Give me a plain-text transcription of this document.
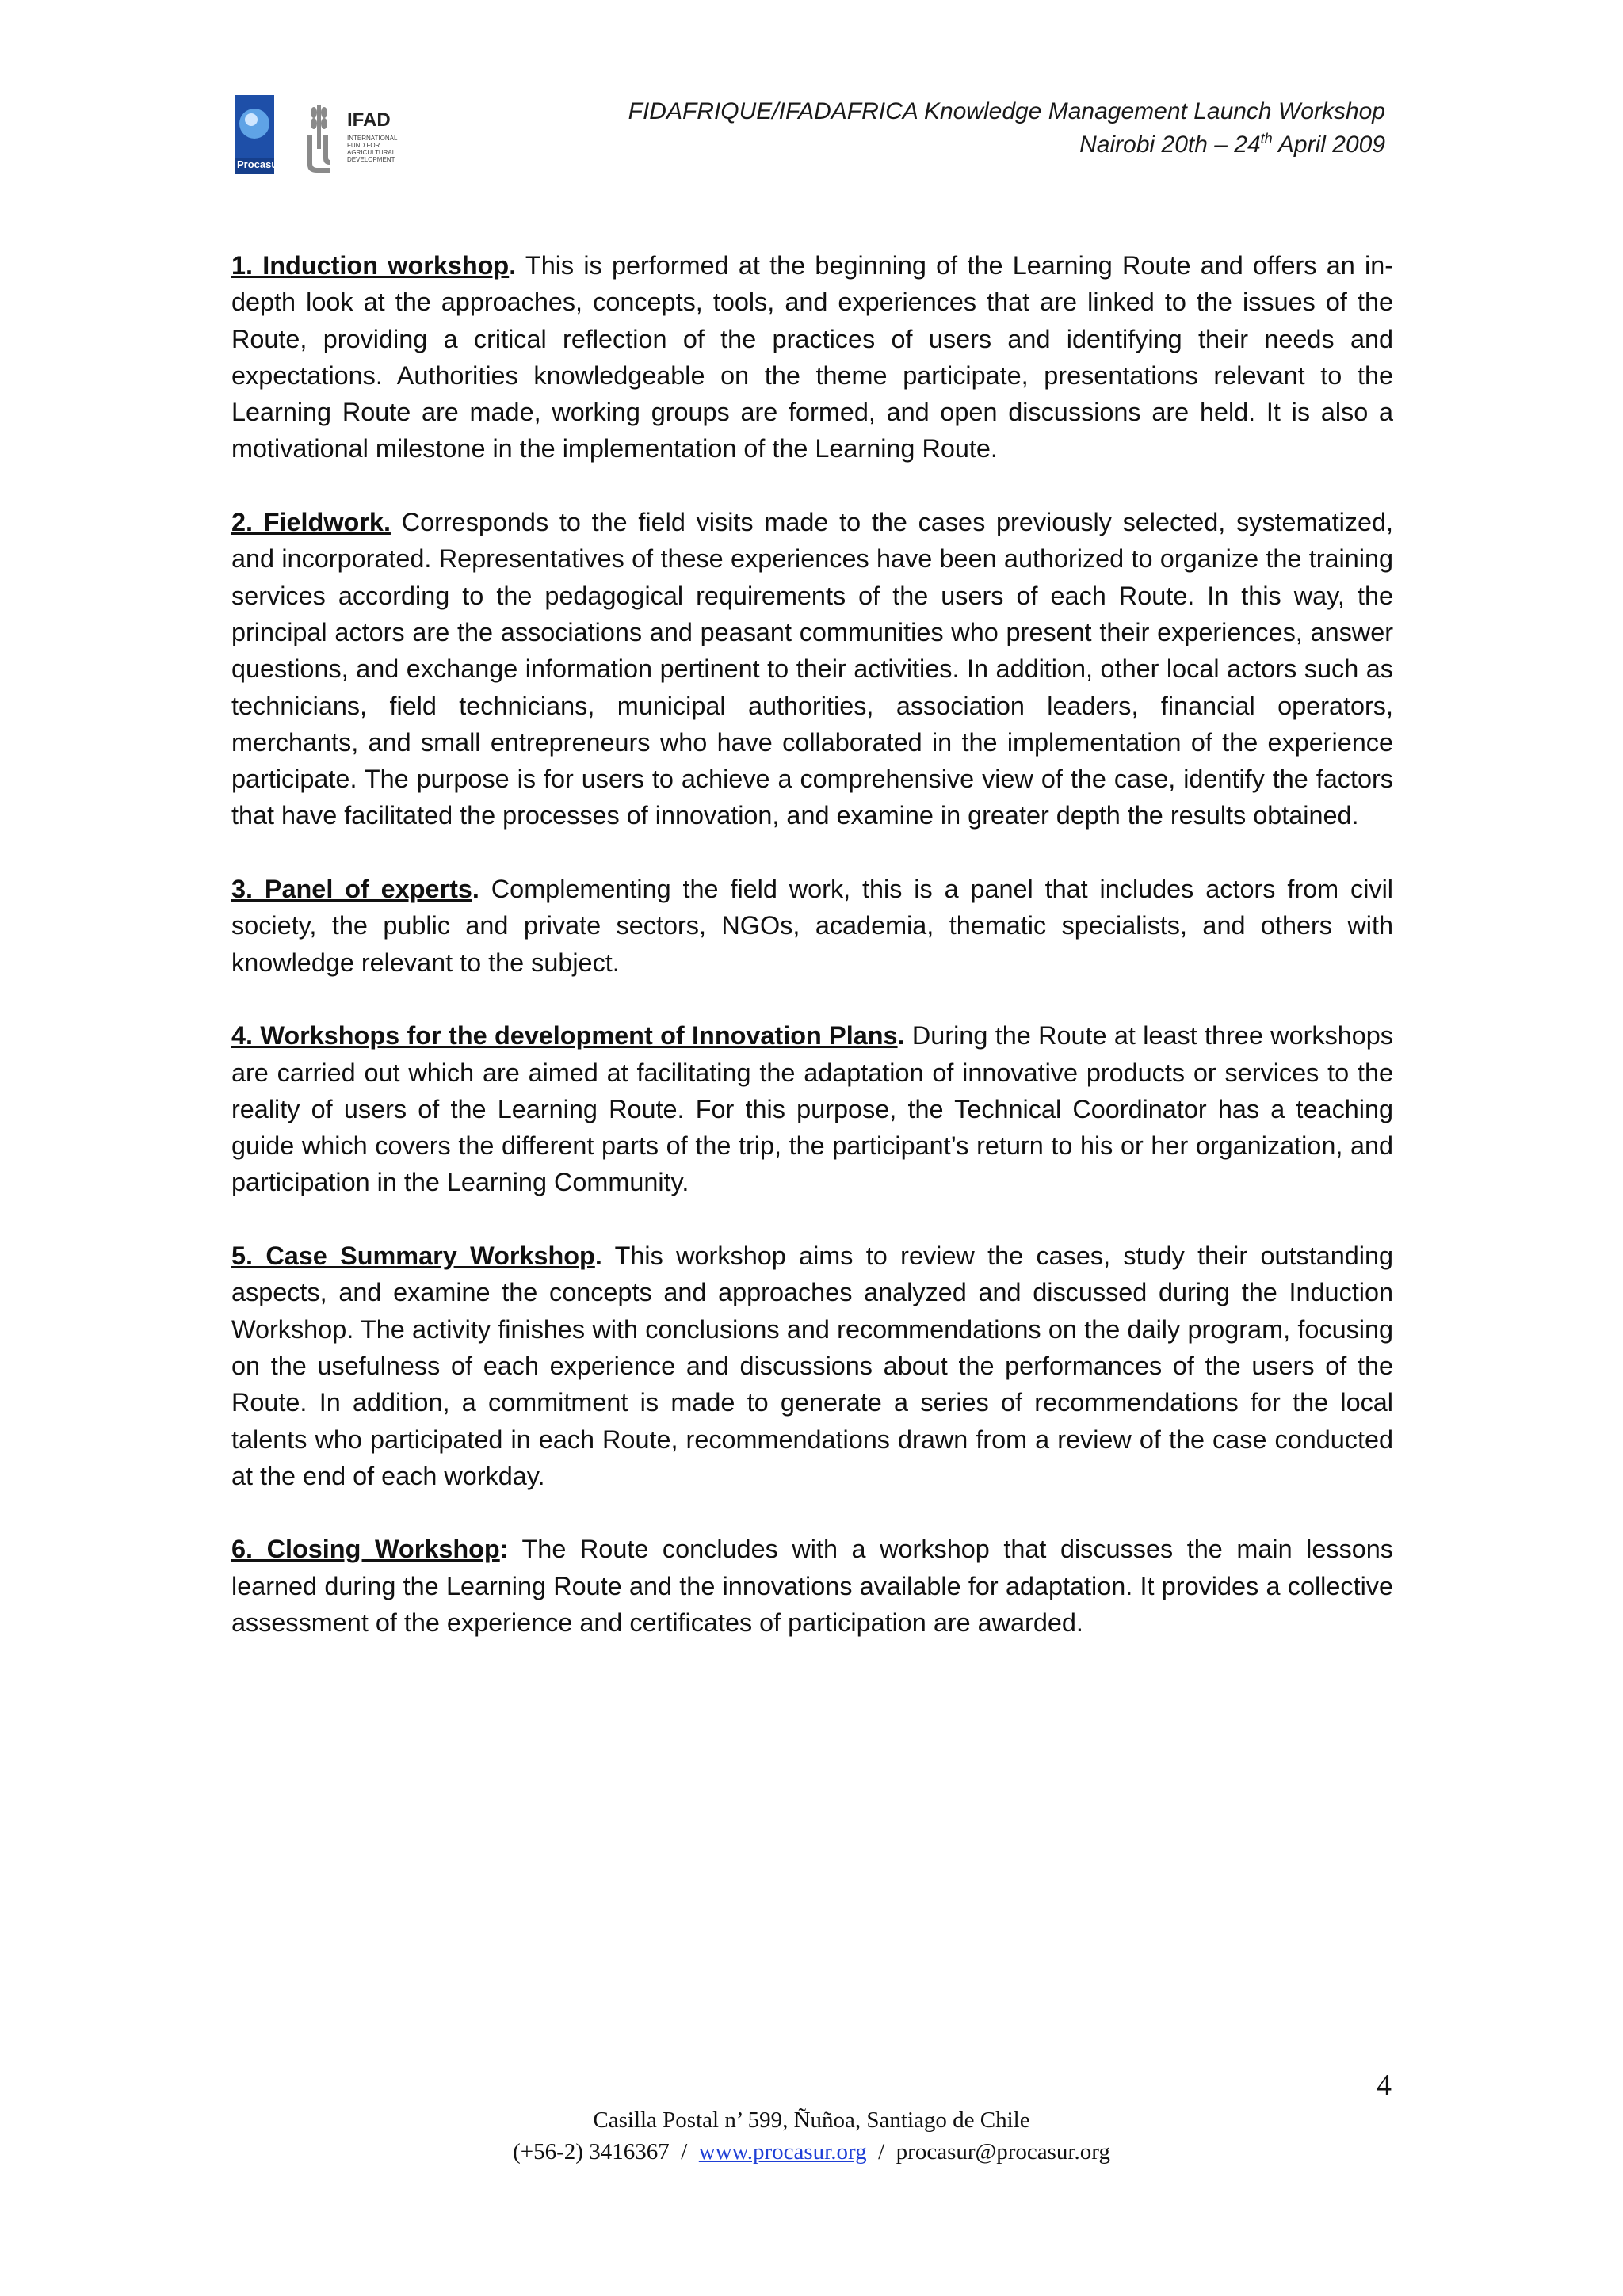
Procasur
IFAD
INTERNATIONAL FUND FOR AGRICULTURAL DEVELOPMENT
FIDAFRIQUE/IFADAFRICA Knowledge Management Launch Workshop
Nairobi 20th – 24th April 2009

1. Induction workshop. This is performed at the beginning of the Learning Route and offers an in-depth look at the approaches, concepts, tools, and experiences that are linked to the issues of the Route, providing a critical reflection of the practices of users and identifying their needs and expectations. Authorities knowledgeable on the theme participate, presentations relevant to the Learning Route are made, working groups are formed, and open discussions are held. It is also a motivational milestone in the implementation of the Learning Route.

2. Fieldwork. Corresponds to the field visits made to the cases previously selected, systematized, and incorporated. Representatives of these experiences have been authorized to organize the training services according to the pedagogical requirements of the users of each Route. In this way, the principal actors are the associations and peasant communities who present their experiences, answer questions, and exchange information pertinent to their activities. In addition, other local actors such as technicians, field technicians, municipal authorities, association leaders, financial operators, merchants, and small entrepreneurs who have collaborated in the implementation of the experience participate. The purpose is for users to achieve a comprehensive view of the case, identify the factors that have facilitated the processes of innovation, and examine in greater depth the results obtained.

3. Panel of experts. Complementing the field work, this is a panel that includes actors from civil society, the public and private sectors, NGOs, academia, thematic specialists, and others with knowledge relevant to the subject.

4. Workshops for the development of Innovation Plans. During the Route at least three workshops are carried out which are aimed at facilitating the adaptation of innovative products or services to the reality of users of the Learning Route. For this purpose, the Technical Coordinator has a teaching guide which covers the different parts of the trip, the participant’s return to his or her organization, and participation in the Learning Community.

5. Case Summary Workshop. This workshop aims to review the cases, study their outstanding aspects, and examine the concepts and approaches analyzed and discussed during the Induction Workshop. The activity finishes with conclusions and recommendations on the daily program, focusing on the usefulness of each experience and discussions about the performances of the users of the Route. In addition, a commitment is made to generate a series of recommendations for the local talents who participated in each Route, recommendations drawn from a review of the case conducted at the end of each workday.

6. Closing Workshop: The Route concludes with a workshop that discusses the main lessons learned during the Learning Route and the innovations available for adaptation. It provides a collective assessment of the experience and certificates of participation are awarded.

4
Casilla Postal n’ 599, Ñuñoa, Santiago de Chile
(+56-2) 3416367  /  www.procasur.org  /  procasur@procasur.org
